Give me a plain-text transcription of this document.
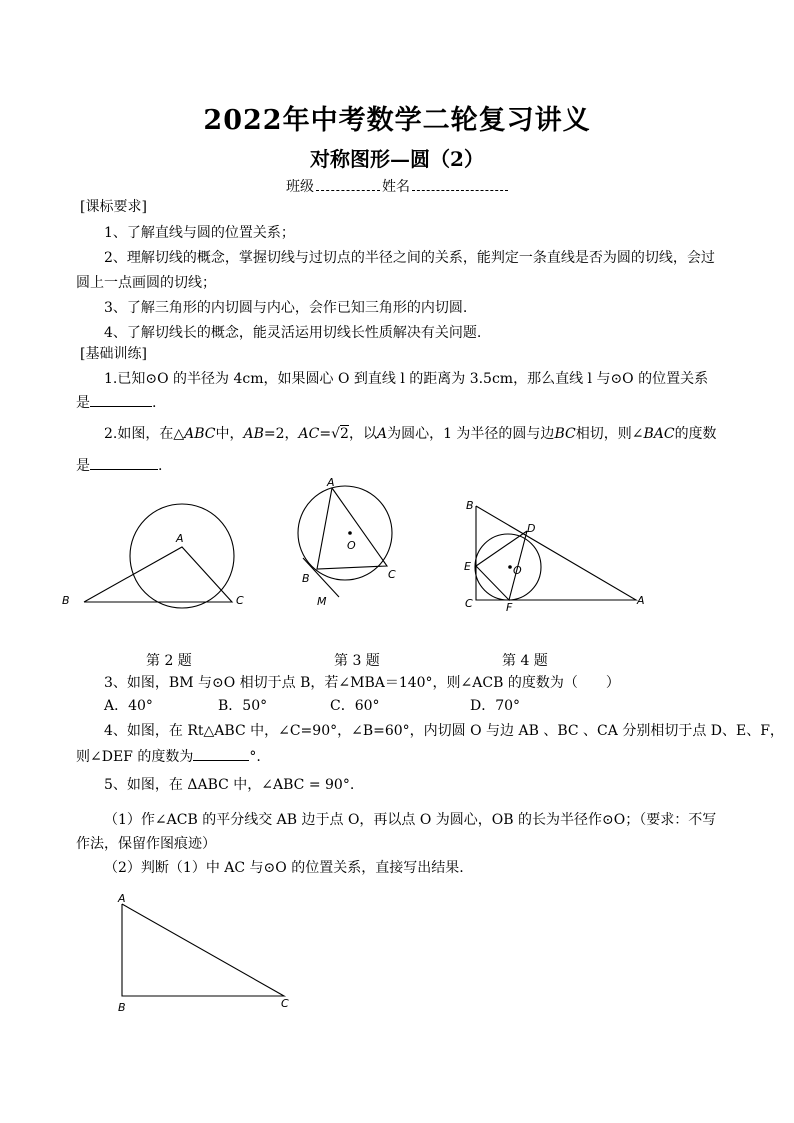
2022年中考数学二轮复习讲义
对称图形—圆（2）
班级	姓名
[课标要求]
1、了解直线与圆的位置关系；
2、理解切线的概念，掌握切线与过切点的半径之间的关系，能判定一条直线是否为圆的切线，会过
圆上一点画圆的切线；
3、了解三角形的内切圆与内心，会作已知三角形的内切圆.
4、了解切线长的概念，能灵活运用切线长性质解决有关问题.
[基础训练]
1.已知⊙O 的半径为 4cm，如果圆心 O 到直线 l 的距离为 3.5cm，那么直线 l 与⊙O 的位置关系
是	.
2.如图，在△ABC中，AB=2，AC=√2，以A为圆心，1 为半径的圆与边BC相切，则∠BAC的度数
是	.
A
B	C
A
B	C
O
M
B
D
E	O
C	F
A
第 2 题	第 3 题	第 4 题
3、如图，BM 与⊙O 相切于点 B，若∠MBA＝140°，则∠ACB 的度数为（　　）
A．40°	B．50°	C．60°	D．70°
4、如图，在 Rt△ABC 中，∠C=90°，∠B=60°，内切圆 O 与边 AB 、BC 、CA 分别相切于点 D、E、F，
则∠DEF 的度数为	°.
5、如图，在 ΔABC 中，∠ABC = 90°.
（1）作∠ACB 的平分线交 AB 边于点 O，再以点 O 为圆心，OB 的长为半径作⊙O；（要求：不写
作法，保留作图痕迹）
（2）判断（1）中 AC 与⊙O 的位置关系，直接写出结果.
A
B	C
